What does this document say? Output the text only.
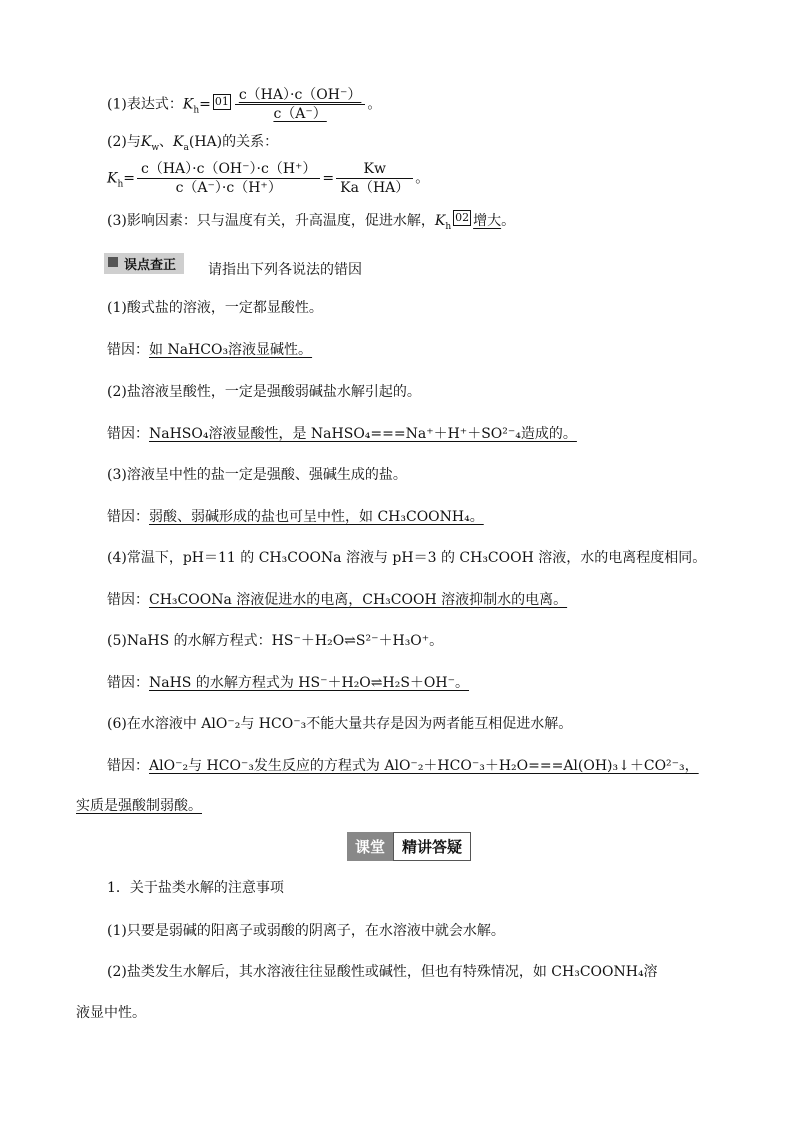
(1)表达式：$K_h= 01 \frac{c(HA)\cdot c(OH^-)}{c(A^-)}$ 。
(2)与$K_w$、$K_a(HA)$的关系：
$K_h= \frac{c(HA)\cdot c(OH^-)\cdot c(H^+)}{c(A^-)\cdot c(H^+)} = \frac{Kw}{Ka(HA)}$ 。
(3)影响因素：只与温度有关，升高温度，促进水解，$K_h02$ 增大。
误点查正	请指出下列各说法的错因
(1)酸式盐的溶液，一定都显酸性。
错因：如 NaHCO₃溶液显碱性。
(2)盐溶液呈酸性，一定是强酸弱碱盐水解引起的。
错因：NaHSO₄溶液显酸性，是 NaHSO₄===Na⁺＋H⁺＋SO²⁻₄造成的。
(3)溶液呈中性的盐一定是强酸、强碱生成的盐。
错因：弱酸、弱碱形成的盐也可呈中性，如 CH₃COONH₄。
(4)常温下，pH＝11 的 CH₃COONa 溶液与 pH＝3 的 CH₃COOH 溶液，水的电离程度相同。
错因：CH₃COONa 溶液促进水的电离，CH₃COOH 溶液抑制水的电离。
(5)NaHS 的水解方程式：HS⁻＋H₂O⇌S²⁻＋H₃O⁺。
错因：NaHS 的水解方程式为 HS⁻＋H₂O⇌H₂S＋OH⁻。
(6)在水溶液中 AlO⁻₂与 HCO⁻₃不能大量共存是因为两者能互相促进水解。
错因：AlO⁻₂与 HCO⁻₃发生反应的方程式为 AlO⁻₂＋HCO⁻₃＋H₂O===Al(OH)₃↓＋CO²⁻₃，
实质是强酸制弱酸。
课堂	精讲答疑
1．关于盐类水解的注意事项
(1)只要是弱碱的阳离子或弱酸的阴离子，在水溶液中就会水解。
(2)盐类发生水解后，其水溶液往往显酸性或碱性，但也有特殊情况，如 CH₃COONH₄溶
液显中性。
